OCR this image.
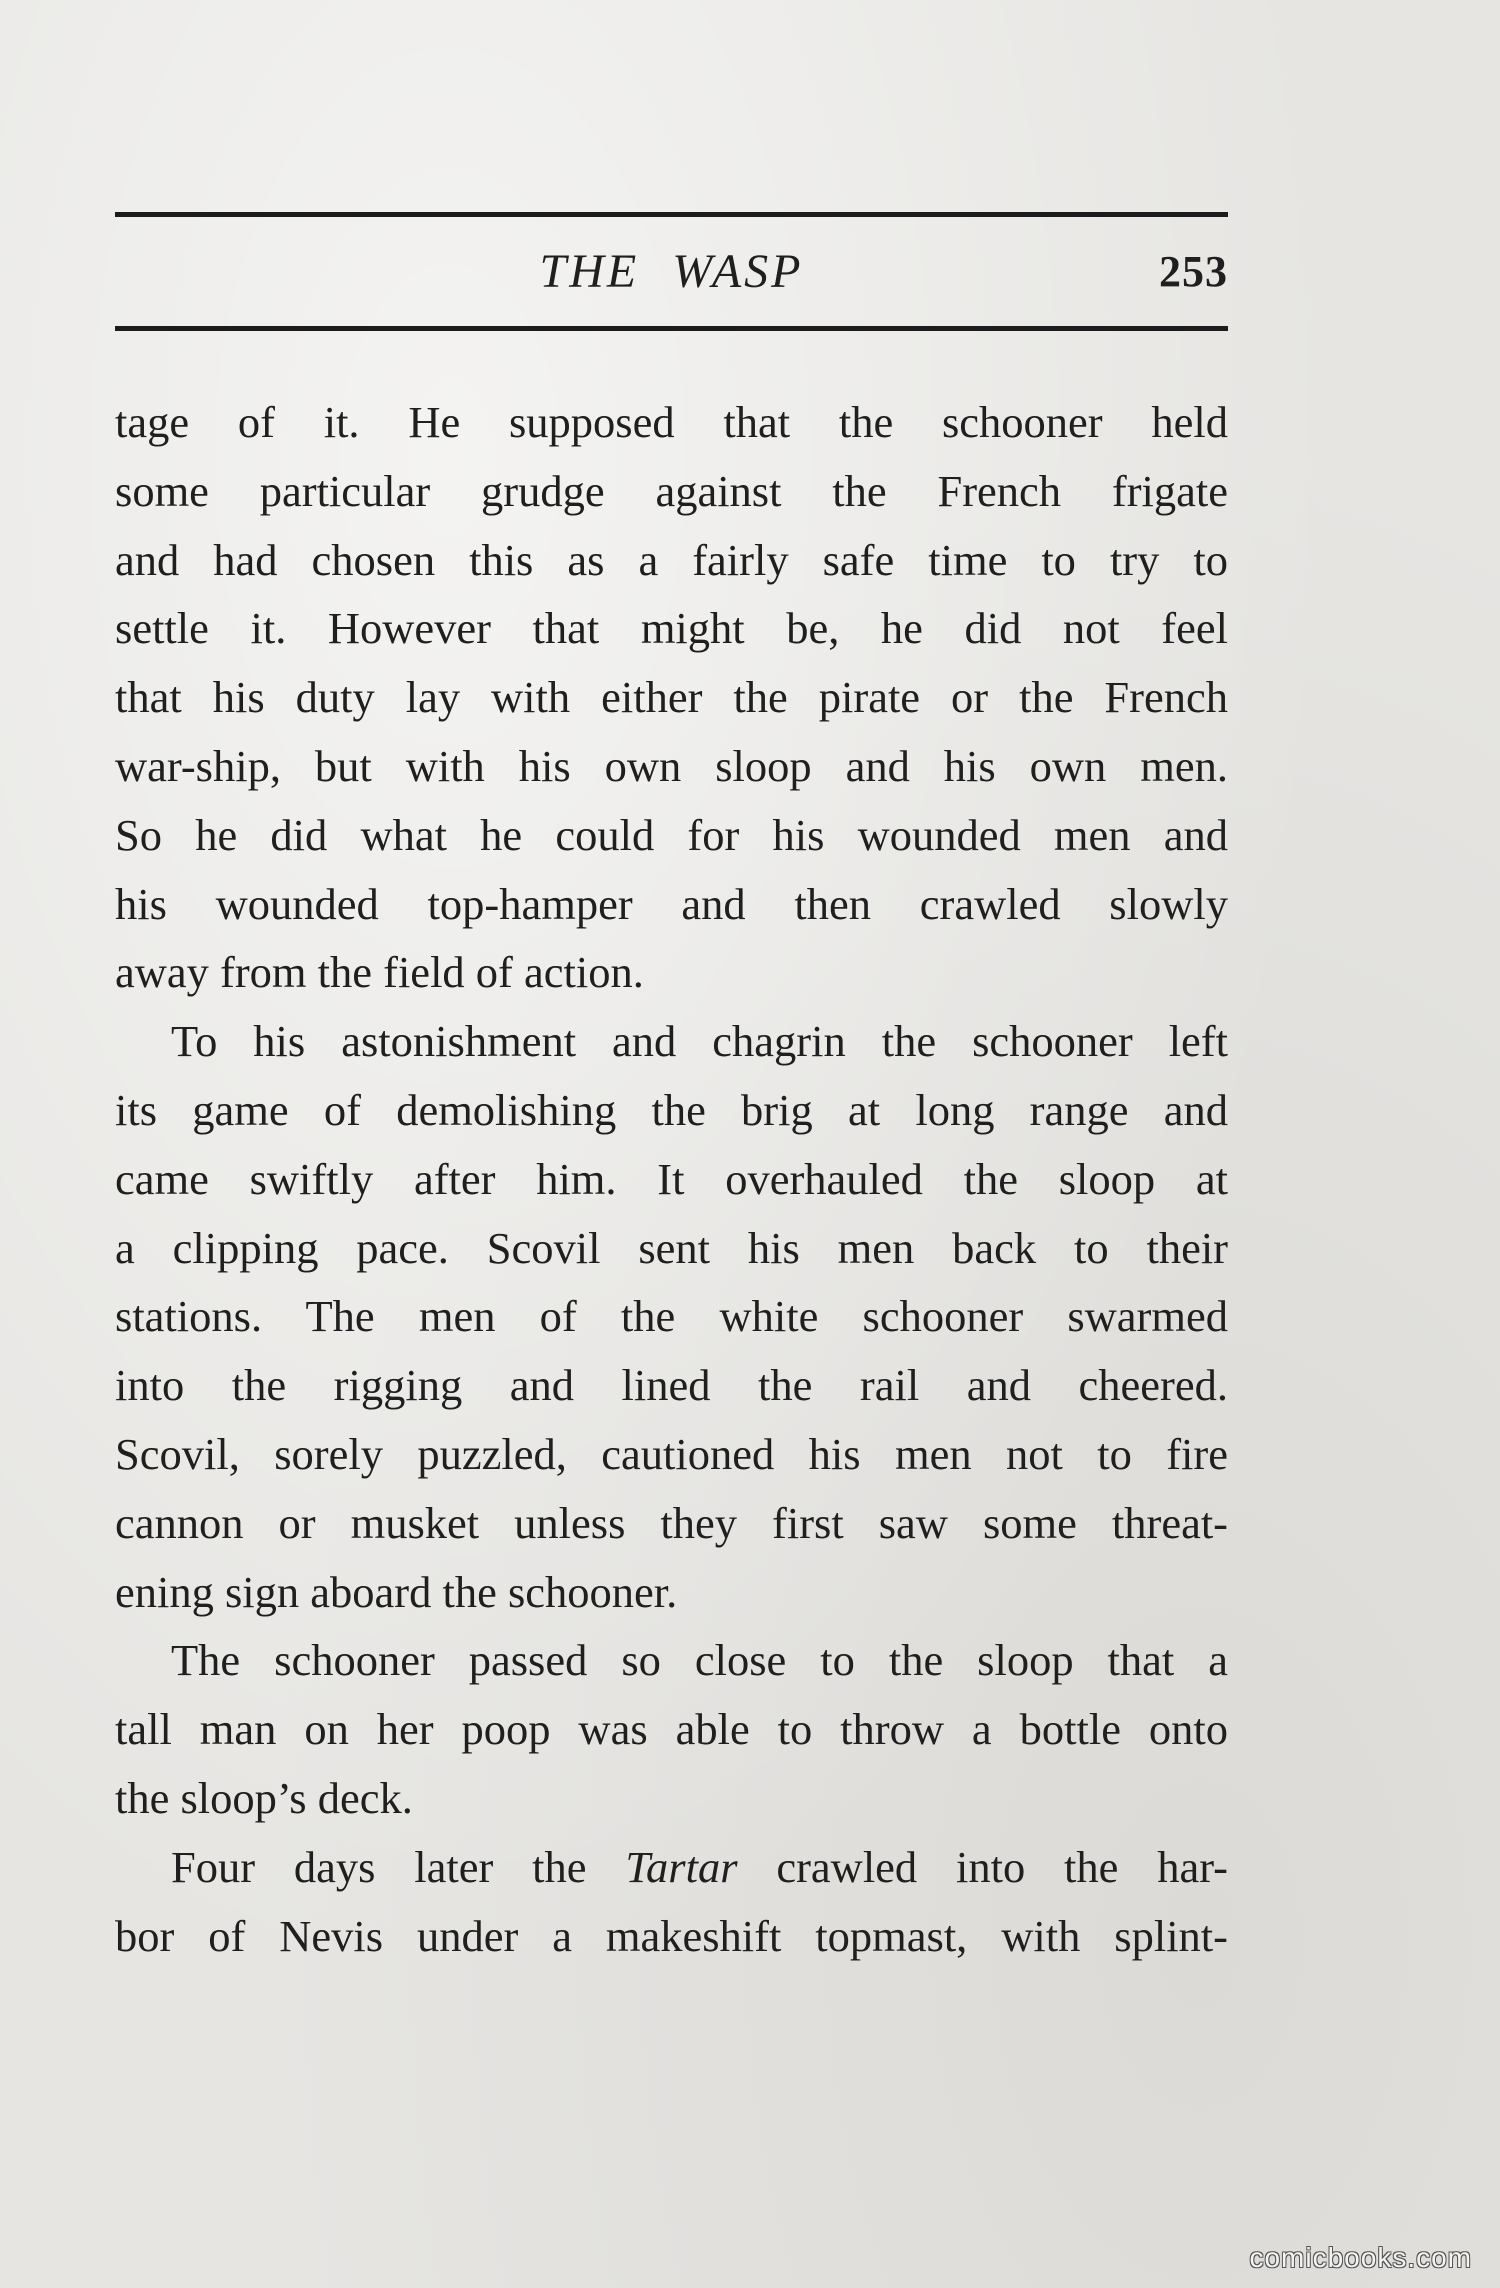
THE WASP	253
tage of it. He supposed that the schooner held
some particular grudge against the French frigate
and had chosen this as a fairly safe time to try to
settle it. However that might be, he did not feel
that his duty lay with either the pirate or the French
war-ship, but with his own sloop and his own men.
So he did what he could for his wounded men and
his wounded top-hamper and then crawled slowly
away from the field of action.
To his astonishment and chagrin the schooner left
its game of demolishing the brig at long range and
came swiftly after him. It overhauled the sloop at
a clipping pace. Scovil sent his men back to their
stations. The men of the white schooner swarmed
into the rigging and lined the rail and cheered.
Scovil, sorely puzzled, cautioned his men not to fire
cannon or musket unless they first saw some threat-
ening sign aboard the schooner.
The schooner passed so close to the sloop that a
tall man on her poop was able to throw a bottle onto
the sloop’s deck.
Four days later the Tartar crawled into the har-
bor of Nevis under a makeshift topmast, with splint-
comicbooks.com
